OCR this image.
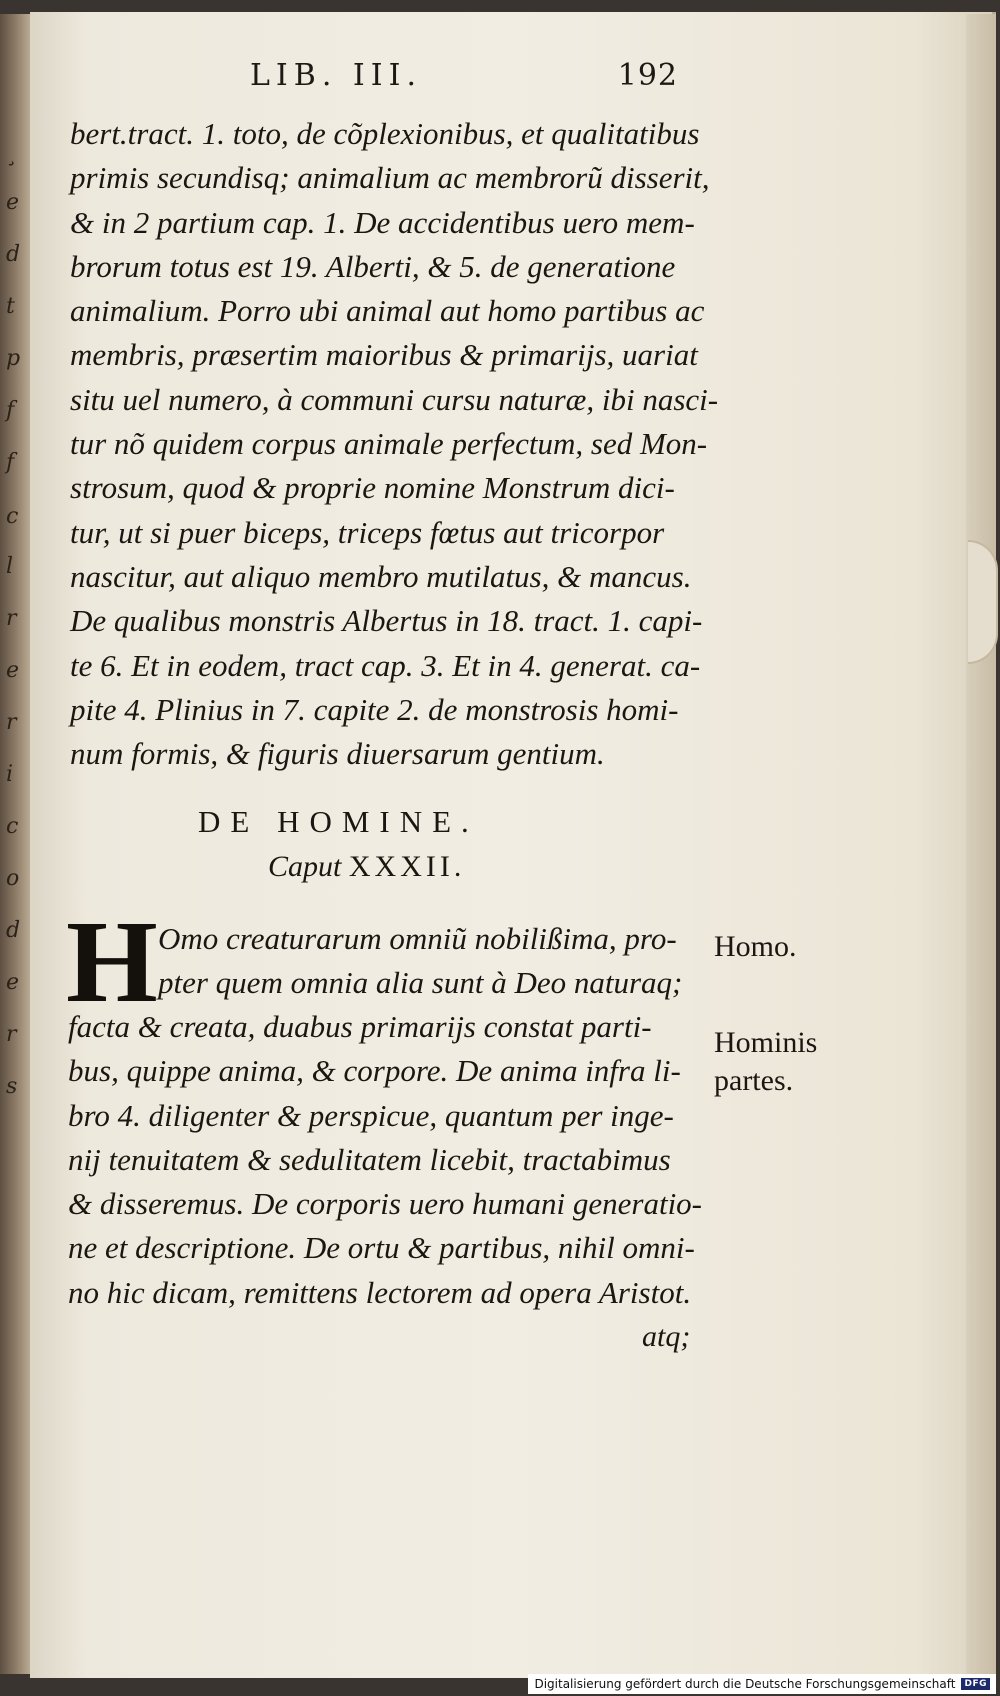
¸
e
d
t
p
f
f
c
l
r
e
r
i
c
o
d
e
r
s
LIB. III.	192
bert.tract. 1. toto, de cõplexionibus, et qualitatibus
primis secundisq; animalium ac membrorũ disserit,
& in 2 partium cap. 1. De accidentibus uero mem-
brorum totus est 19. Alberti, & 5. de generatione
animalium. Porro ubi animal aut homo partibus ac
membris, præsertim maioribus & primarijs, uariat
situ uel numero, à communi cursu naturæ, ibi nasci-
tur nõ quidem corpus animale perfectum, sed Mon-
strosum, quod & proprie nomine Monstrum dici-
tur, ut si puer biceps, triceps fœtus aut tricorpor
nascitur, aut aliquo membro mutilatus, & mancus.
De qualibus monstris Albertus in 18. tract. 1. capi-
te 6. Et in eodem, tract cap. 3. Et in 4. generat. ca-
pite 4. Plinius in 7. capite 2. de monstrosis homi-
num formis, & figuris diuersarum gentium.
DE HOMINE.
Caput XXXII.
H Omo creaturarum omniũ nobilißima, pro-
pter quem omnia alia sunt à Deo naturaq;
facta & creata, duabus primarijs constat parti-
bus, quippe anima, & corpore. De anima infra li-
bro 4. diligenter & perspicue, quantum per inge-
nij tenuitatem & sedulitatem licebit, tractabimus
& disseremus. De corporis uero humani generatio-
ne et descriptione. De ortu & partibus, nihil omni-
no hic dicam, remittens lectorem ad opera Aristot.
Homo.
Hominis
partes.
atq;
Digitalisierung gefördert durch die Deutsche Forschungsgemeinschaft	DFG
